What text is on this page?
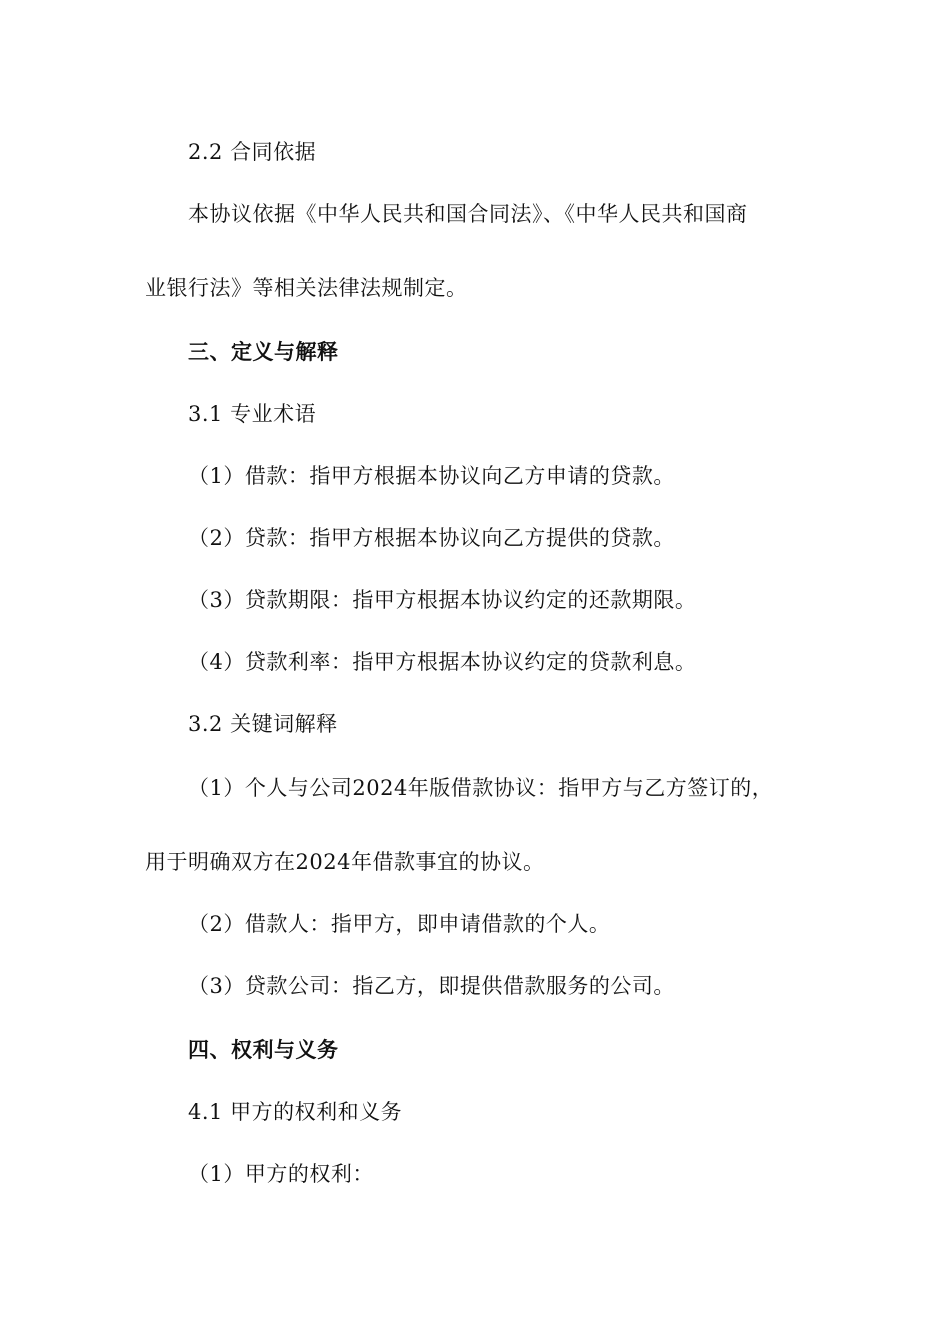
2.2 合同依据
本协议依据《中华人民共和国合同法》、《中华人民共和国商
业银行法》等相关法律法规制定。
三、定义与解释
3.1 专业术语
（1）借款：指甲方根据本协议向乙方申请的贷款。
（2）贷款：指甲方根据本协议向乙方提供的贷款。
（3）贷款期限：指甲方根据本协议约定的还款期限。
（4）贷款利率：指甲方根据本协议约定的贷款利息。
3.2 关键词解释
（1）个人与公司2024年版借款协议：指甲方与乙方签订的，
用于明确双方在2024年借款事宜的协议。
（2）借款人：指甲方，即申请借款的个人。
（3）贷款公司：指乙方，即提供借款服务的公司。
四、权利与义务
4.1 甲方的权利和义务
（1）甲方的权利：
